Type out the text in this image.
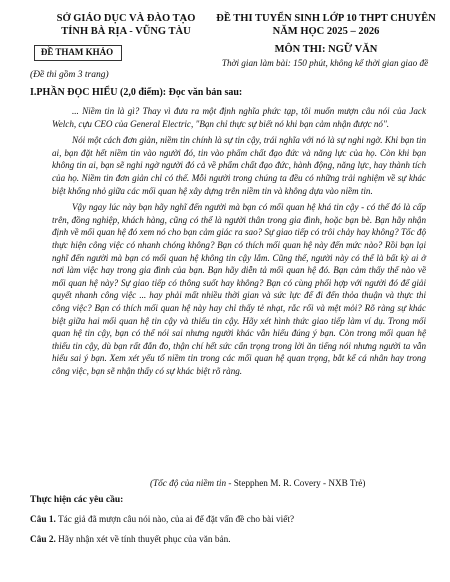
SỞ GIÁO DỤC VÀ ĐÀO TẠO
TỈNH BÀ RỊA - VŨNG TÀU
ĐỀ THAM KHẢO
(Đề thi gồm 3 trang)
ĐỀ THI TUYỂN SINH LỚP 10 THPT CHUYÊN
NĂM HỌC 2025 – 2026
MÔN THI: NGỮ VĂN
Thời gian làm bài: 150 phút, không kể thời gian giao đề
I.PHẦN ĐỌC HIỂU (2,0 điểm): Đọc văn bản sau:

... Niềm tin là gì? Thay vì đưa ra một định nghĩa phức tạp, tôi muốn mượn câu nói của Jack Welch, cựu CEO của General Electric, "Bạn chỉ thực sự biết nó khi bạn cảm nhận được nó".

Nói một cách đơn giản, niềm tin chính là sự tin cậy, trái nghĩa với nó là sự nghi ngờ. Khi bạn tin ai, bạn đặt hết niềm tin vào người đó, tin vào phẩm chất đạo đức và năng lực của họ. Còn khi bạn không tin ai, bạn sẽ nghi ngờ người đó cả về phẩm chất đạo đức, hành động, năng lực, hay thành tích của họ. Niềm tin đơn giản chỉ có thế. Mỗi người trong chúng ta đều có những trải nghiệm về sự khác biệt khổng nhỏ giữa các mối quan hệ xây dựng trên niềm tin và không dựa vào niềm tin.

Vậy ngay lúc này bạn hãy nghĩ đến người mà bạn có mối quan hệ khá tin cậy - có thể đó là cấp trên, đồng nghiệp, khách hàng, cũng có thể là người thân trong gia đình, hoặc bạn bè. Bạn hãy nhận định về mối quan hệ đó xem nó cho bạn cảm giác ra sao? Sự giao tiếp có trôi chảy hay không? Tốc độ thực hiện công việc có nhanh chóng không? Bạn có thích mối quan hệ này đến mức nào? Rồi bạn lại nghĩ đến người mà bạn có mối quan hệ không tin cậy lắm. Cũng thế, người này có thể là bất kỳ ai ở nơi làm việc hay trong gia đình của bạn. Bạn hãy diễn tả mối quan hệ đó. Bạn cảm thấy thế nào về mối quan hệ này? Sự giao tiếp có thông suốt hay không? Bạn có cùng phối hợp với người đó để giải quyết nhanh công việc ... hay phải mất nhiều thời gian và sức lực để đi đến thỏa thuận và thực thi công việc? Bạn có thích mối quan hệ này hay chỉ thấy tẻ nhạt, rắc rối và mệt mỏi? Rõ ràng sự khác biệt giữa hai mối quan hệ tin cậy và thiếu tin cậy. Hãy xét hình thức giao tiếp làm ví dụ. Trong mối quan hệ tin cậy, bạn có thể nói sai nhưng người khác vẫn hiểu đúng ý bạn. Còn trong mối quan hệ thiếu tin cậy, dù bạn rất đắn đo, thận chí hết sức cẩn trọng trong lời ăn tiếng nói nhưng người ta vẫn hiểu sai ý bạn. Xem xét yếu tố niềm tin trong các mối quan hệ quan trọng, bắt kể cá nhân hay trong công việc, bạn sẽ nhận thấy có sự khác biệt rõ ràng.

(Tốc độ của niềm tin - Stepphen M. R. Covery - NXB Trẻ)
Thực hiện các yêu cầu:
Câu 1. Tác giả đã mượn câu nói nào, của ai để đặt vấn đề cho bài viết?
Câu 2. Hãy nhận xét về tính thuyết phục của văn bản.
